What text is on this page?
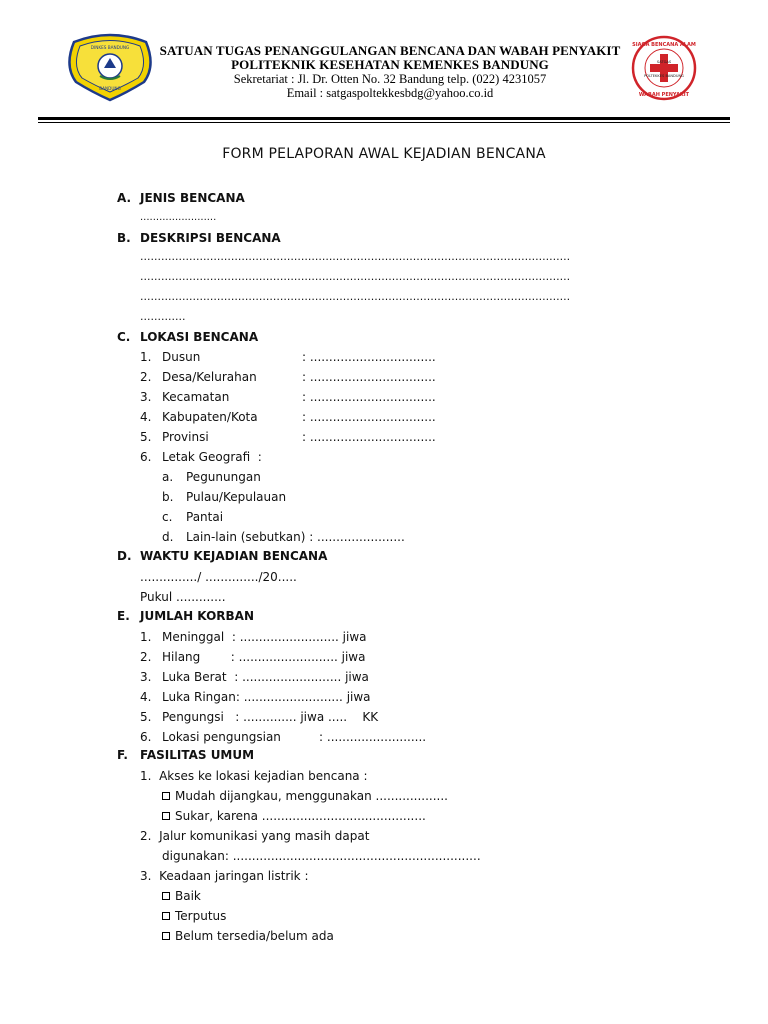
DINKES BANDUNG
BANDUNG
SIAGA BENCANA ALAM
WABAH PENYAKIT
SATGAS
POLTEKKES BANDUNG
SATUAN TUGAS PENANGGULANGAN BENCANA DAN WABAH PENYAKIT
POLITEKNIK KESEHATAN KEMENKES BANDUNG
Sekretariat : Jl. Dr. Otten No. 32 Bandung telp. (022) 4231057
Email : satgaspoltekkesbdg@yahoo.co.id
FORM PELAPORAN AWAL KEJADIAN BENCANA
A. JENIS BENCANA
........................
B. DESKRIPSI BENCANA
...........................................................................................................................
...........................................................................................................................
...........................................................................................................................
.............
C. LOKASI BENCANA
1. Dusun	: .................................
2. Desa/Kelurahan	: .................................
3. Kecamatan	: .................................
4. Kabupaten/Kota	: .................................
5. Provinsi	: .................................
6. Letak Geografi  :
a. Pegunungan
b. Pulau/Kepulauan
c. Pantai
d. Lain-lain (sebutkan) : .......................
D. WAKTU KEJADIAN BENCANA
.............../ ............../20.....
Pukul .............
E. JUMLAH KORBAN
1. Meninggal  : .......................... jiwa
2. Hilang        : .......................... jiwa
3. Luka Berat  : .......................... jiwa
4. Luka Ringan: .......................... jiwa
5. Pengungsi   : .............. jiwa .....    KK
6. Lokasi pengungsian          : ..........................
F. FASILITAS UMUM
1.  Akses ke lokasi kejadian bencana :
Mudah dijangkau, menggunakan ...................
Sukar, karena ...........................................
2.  Jalur komunikasi yang masih dapat
digunakan: .................................................................
3.  Keadaan jaringan listrik :
Baik
Terputus
Belum tersedia/belum ada
